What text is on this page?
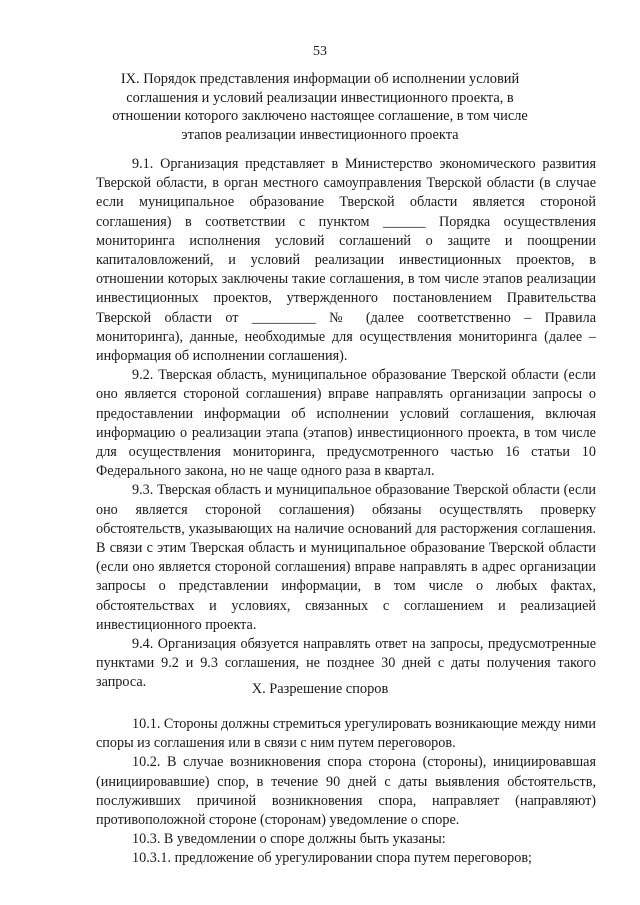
53
IX. Порядок представления информации об исполнении условий соглашения и условий реализации инвестиционного проекта, в отношении которого заключено настоящее соглашение, в том числе этапов реализации инвестиционного проекта

9.1. Организация представляет в Министерство экономического развития Тверской области, в орган местного самоуправления Тверской области (в случае если муниципальное образование Тверской области является стороной соглашения) в соответствии с пунктом ______ Порядка осуществления мониторинга исполнения условий соглашений о защите и поощрении капиталовложений, и условий реализации инвестиционных проектов, в отношении которых заключены такие соглашения, в том числе этапов реализации инвестиционных проектов, утвержденного постановлением Правительства Тверской области от _________ № (далее соответственно – Правила мониторинга), данные, необходимые для осуществления мониторинга (далее – информация об исполнении соглашения).

9.2. Тверская область, муниципальное образование Тверской области (если оно является стороной соглашения) вправе направлять организации запросы о предоставлении информации об исполнении условий соглашения, включая информацию о реализации этапа (этапов) инвестиционного проекта, в том числе для осуществления мониторинга, предусмотренного частью 16 статьи 10 Федерального закона, но не чаще одного раза в квартал.

9.3. Тверская область и муниципальное образование Тверской области (если оно является стороной соглашения) обязаны осуществлять проверку обстоятельств, указывающих на наличие оснований для расторжения соглашения. В связи с этим Тверская область и муниципальное образование Тверской области (если оно является стороной соглашения) вправе направлять в адрес организации запросы о представлении информации, в том числе о любых фактах, обстоятельствах и условиях, связанных с соглашением и реализацией инвестиционного проекта.

9.4. Организация обязуется направлять ответ на запросы, предусмотренные пунктами 9.2 и 9.3 соглашения, не позднее 30 дней с даты получения такого запроса.	X. Разрешение споров

10.1. Стороны должны стремиться урегулировать возникающие между ними споры из соглашения или в связи с ним путем переговоров.

10.2. В случае возникновения спора сторона (стороны), инициировавшая (инициировавшие) спор, в течение 90 дней с даты выявления обстоятельств, послуживших причиной возникновения спора, направляет (направляют) противоположной стороне (сторонам) уведомление о споре.

10.3. В уведомлении о споре должны быть указаны:

10.3.1. предложение об урегулировании спора путем переговоров;
